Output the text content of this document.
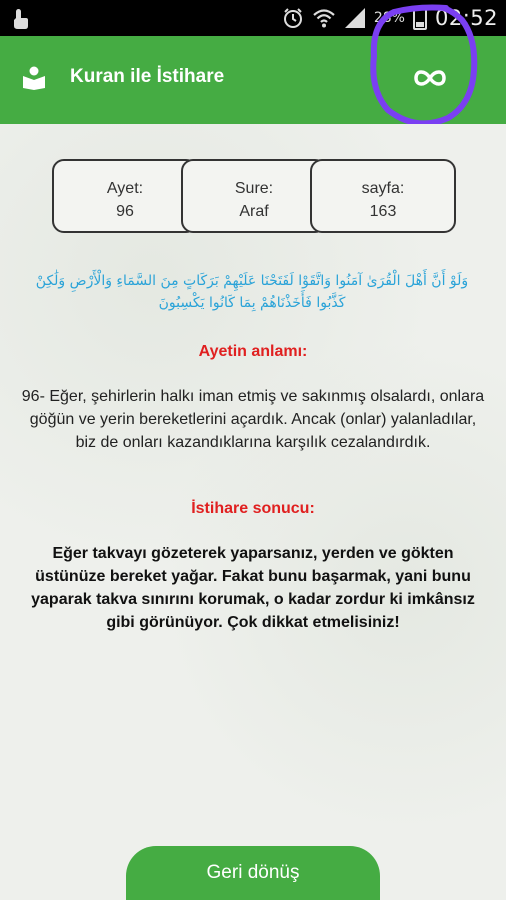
28% 02:52
Kuran ile İstihare
Ayet:
96
Sure:
Araf
sayfa:
163
وَلَوْ أَنَّ أَهْلَ الْقُرَىٰ آمَنُوا وَاتَّقَوْا لَفَتَحْنَا عَلَيْهِمْ بَرَكَاتٍ مِنَ السَّمَاءِ وَالْأَرْضِ وَلَٰكِنْ كَذَّبُوا فَأَخَذْنَاهُمْ بِمَا كَانُوا يَكْسِبُونَ
Ayetin anlamı:
96- Eğer, şehirlerin halkı iman etmiş ve sakınmış olsalardı, onlara göğün ve yerin bereketlerini açardık. Ancak (onlar) yalanladılar, biz de onları kazandıklarına karşılık cezalandırdık.
İstihare sonucu:
Eğer takvayı gözeterek yaparsanız, yerden ve gökten üstünüze bereket yağar. Fakat bunu başarmak, yani bunu yaparak takva sınırını korumak, o kadar zordur ki imkânsız gibi görünüyor. Çok dikkat etmelisiniz!
Geri dönüş
